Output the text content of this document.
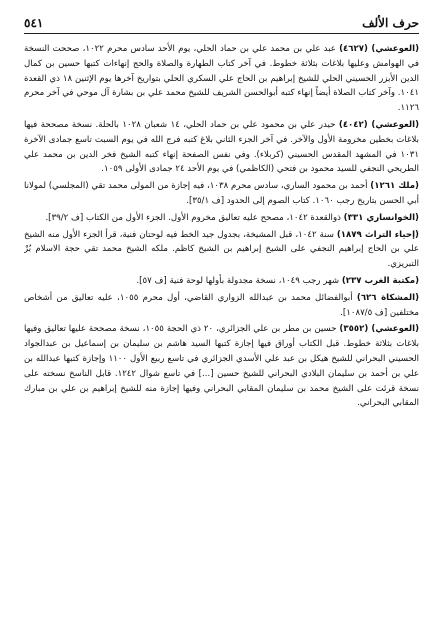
٥٤١	حرف الألف

(العوعشي) (٤٦٢٧) عبد علي بن محمد علي بن حماد الحلي، يوم الأحد سادس محرم ١٠٢٢، صححت النسخة في الهوامش وعليها بلاغات بثلاثة خطوط. في آخر كتاب الطهارة والصلاة والحج إنهاءات كتبها حسين بن كمال الدين الأبزر الحسيني الحلي للشيخ إبراهيم بن الحاج علي السكري الحلي بتواريخ آخرها يوم الإثنين ١٨ ذي القعدة ١٠٤١. وآخر كتاب الصلاة أيضاً إنهاء كتبه أبوالحسن الشريف للشيخ محمد علي بن بشارة آل موحي في آخر محرم ١١٢٦.

(العوعشي) (٤٠٤٢) حيدر علي بن محمود علي بن حماد الحلي، ١٤ شعبان ١٠٢٨ بالحلة. نسخة مصححة فيها بلاغات بخطين مخرومة الأول والآخر. في آخر الجزء الثاني بلاغ كتبه فرج الله في يوم السبت تاسع جمادى الآخرة ١٠٣١ في المشهد المقدس الحسيني (كربلاء). وفي نفس الصفحة إنهاء كتبه الشيخ فخر الدين بن محمد علي الطريحي النجفي للسيد محمود بن فتحي (الكاظمي) في يوم الأحد ٢٤ جمادى الأولى ١٠٥٩.

(ملك ١٢٦١) أحمد بن محمود الساري، سادس محرم ١٠٣٨، فيه إجازة من المولى محمد تقي (المجلسي) لمولانا أبي الحسن بتاريخ رجب ١٠٦٠. كتاب الصوم إلى الحدود [ف ٣٥/١].

(الخوانساري ٣٣١) ذوالقعدة ١٠٤٢، مصحح عليه تعاليق مخروم الأول. الجزء الأول من الكتاب [ف ٣٩/٢].

(إحياء التراث ١٨٧٩) سنة ١٠٤٢، قبل المشيخة، بجدول جيد الخط فيه لوحتان فنية، قرأ الجزء الأول منه الشيخ علي بن الحاج إبراهيم النجفي على الشيخ إبراهيم بن الشيخ كاظم. ملكه الشيخ محمد تقي حجة الاسلام بُرْ التبريزي.

(مكتبة الغرب ٢٣٧) شهر رجب ١٠٤٩، نسخة مجدولة بأولها لوحة فنية [ف ٥٧].

(المشكاة ٦٢٦) أبوالفضائل محمد بن عبدالله الزواري القاضي، أول محرم ١٠٥٥، عليه تعاليق من أشخاص مختلفين [ف ١٠٨٧/٥].

(العوعشي) (٣٥٥٢) حسين بن مطر بن علي الجزائري، ٢٠ ذي الحجة ١٠٥٥، نسخة مصححة عليها تعاليق وفيها بلاغات بثلاثة خطوط. قبل الكتاب أوراق فيها إجازة كتبها السيد هاشم بن سليمان بن إسماعيل بن عبدالجواد الحسيني البحراني للشيخ هيكل بن عبد علي الأسدي الجزائري في تاسع ربيع الأول ١١٠٠ وإجازة كتبها عبدالله بن علي بن أحمد بن سليمان البلادي البحراني للشيخ حسين [...] في تاسع شوال ١٢٤٢. قابل الناسخ نسخته على نسخة قرئت على الشيخ محمد بن سليمان المقابي البحراني وفيها إجازة منه للشيخ إبراهيم بن علي بن مبارك المقابي البحراني.
